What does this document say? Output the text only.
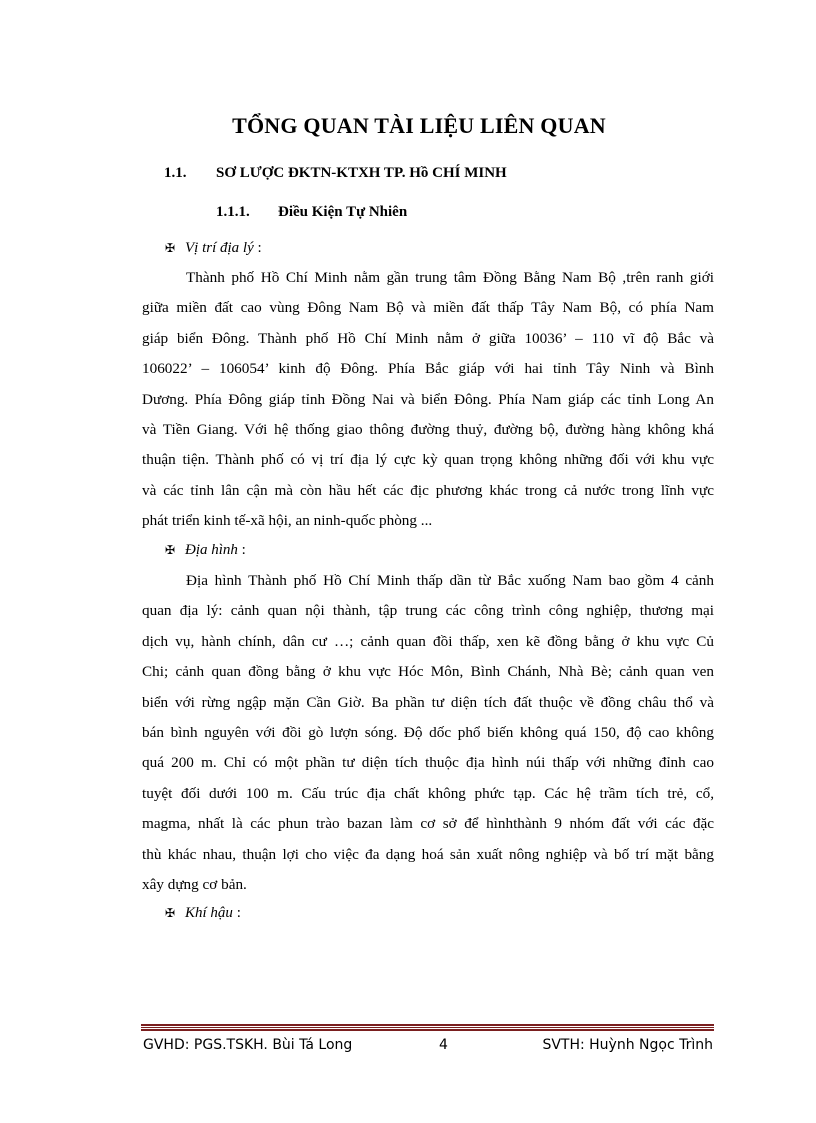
TỔNG QUAN TÀI LIỆU LIÊN QUAN
1.1. SƠ LƯỢC ĐKTN-KTXH TP. Hồ CHÍ MINH
1.1.1. Điều Kiện Tự Nhiên
✠ Vị trí địa lý :
Thành phố Hồ Chí Minh nằm gần trung tâm Đồng Bằng Nam Bộ ,trên ranh giới
giữa miền đất cao vùng Đông Nam Bộ và miền đất thấp Tây Nam Bộ, có phía Nam
giáp biển Đông. Thành phố Hồ Chí Minh nằm ở giữa 10036’ – 110 vĩ độ Bắc và
106022’ – 106054’ kinh độ Đông. Phía Bắc giáp với hai tỉnh Tây Ninh và Bình
Dương. Phía Đông giáp tỉnh Đồng Nai và biển Đông. Phía Nam giáp các tỉnh Long An
và Tiền Giang. Với hệ thống giao thông đường thuỷ, đường bộ, đường hàng không khá
thuận tiện. Thành phố có vị trí địa lý cực kỳ quan trọng không những đối với khu vực
và các tỉnh lân cận mà còn hầu hết các địc phương khác trong cả nước trong lĩnh vực
phát triển kinh tế-xã hội, an ninh-quốc phòng ...
✠ Địa hình :
Địa hình Thành phố Hồ Chí Minh thấp dần từ Bắc xuống Nam bao gồm 4 cảnh
quan địa lý: cảnh quan nội thành, tập trung các công trình công nghiệp, thương mại
dịch vụ, hành chính, dân cư …; cảnh quan đồi thấp, xen kẽ đồng bằng ở khu vực Củ
Chi; cảnh quan đồng bằng ở khu vực Hóc Môn, Bình Chánh, Nhà Bè; cảnh quan ven
biển với rừng ngập mặn Cần Giờ. Ba phần tư diện tích đất thuộc về đồng châu thổ và
bán bình nguyên với đồi gò lượn sóng. Độ dốc phổ biến không quá 150, độ cao không
quá 200 m. Chỉ có một phần tư diện tích thuộc địa hình núi thấp với những đỉnh cao
tuyệt đối dưới 100 m. Cấu trúc địa chất không phức tạp. Các hệ trầm tích trẻ, cổ,
magma, nhất là các phun trào bazan làm cơ sở để hìnhthành 9 nhóm đất với các đặc
thù khác nhau, thuận lợi cho việc đa dạng hoá sản xuất nông nghiệp và bố trí mặt bằng
xây dựng cơ bản.
✠ Khí hậu :
GVHD: PGS.TSKH. Bùi Tá Long	4	SVTH: Huỳnh Ngọc Trình
